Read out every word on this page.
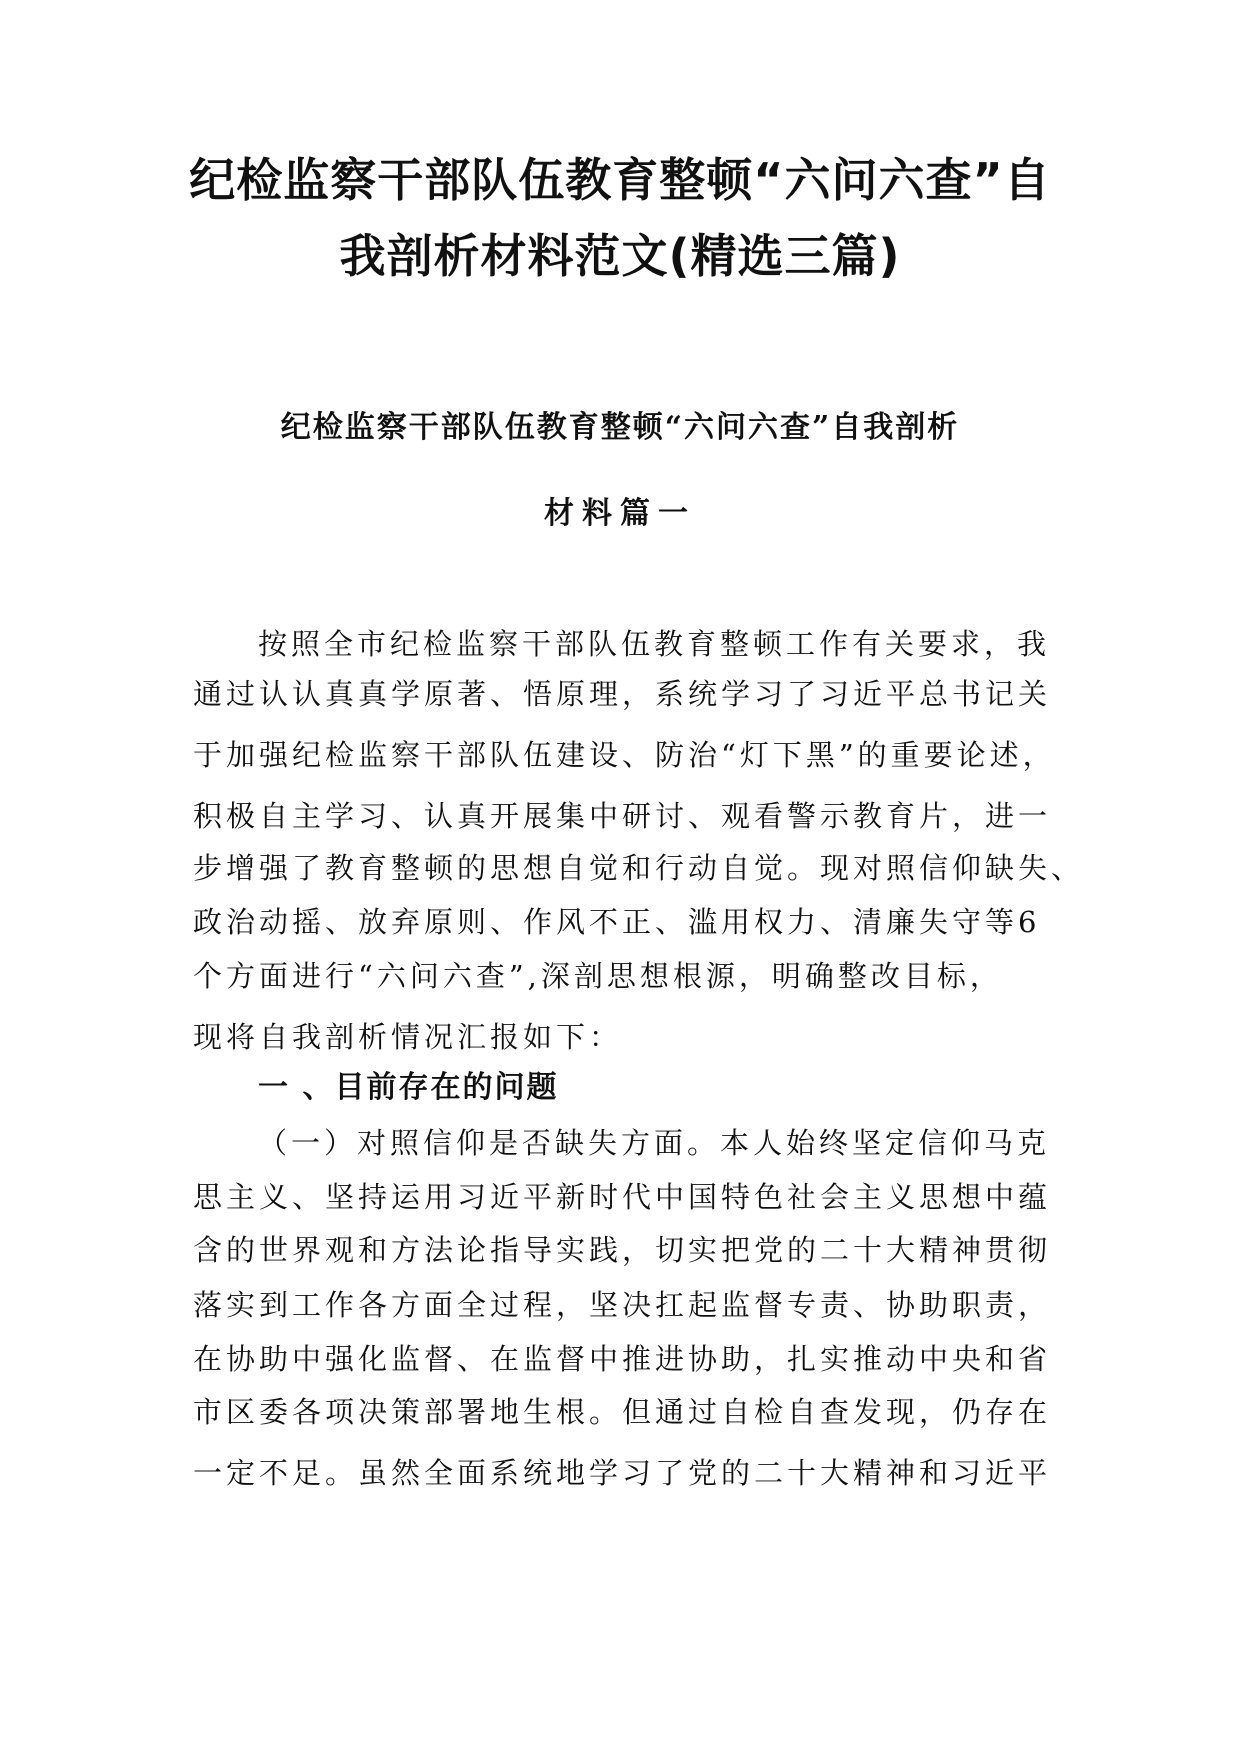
纪检监察干部队伍教育整顿“六问六查”自
我剖析材料范文(精选三篇)
纪检监察干部队伍教育整顿“六问六查”自我剖析
材料篇一

按照全市纪检监察干部队伍教育整顿工作有关要求，我

通过认认真真学原著、悟原理，系统学习了习近平总书记关

于加强纪检监察干部队伍建设、防治“灯下黑”的重要论述，

积极自主学习、认真开展集中研讨、观看警示教育片，进一

步增强了教育整顿的思想自觉和行动自觉。现对照信仰缺失、

政治动摇、放弃原则、作风不正、滥用权力、清廉失守等6

个方面进行“六问六查”,深剖思想根源，明确整改目标，

现将自我剖析情况汇报如下：

一 、目前存在的问题

（一）对照信仰是否缺失方面。本人始终坚定信仰马克

思主义、坚持运用习近平新时代中国特色社会主义思想中蕴

含的世界观和方法论指导实践，切实把党的二十大精神贯彻

落实到工作各方面全过程，坚决扛起监督专责、协助职责，

在协助中强化监督、在监督中推进协助，扎实推动中央和省

市区委各项决策部署地生根。但通过自检自查发现，仍存在

一定不足。虽然全面系统地学习了党的二十大精神和习近平
